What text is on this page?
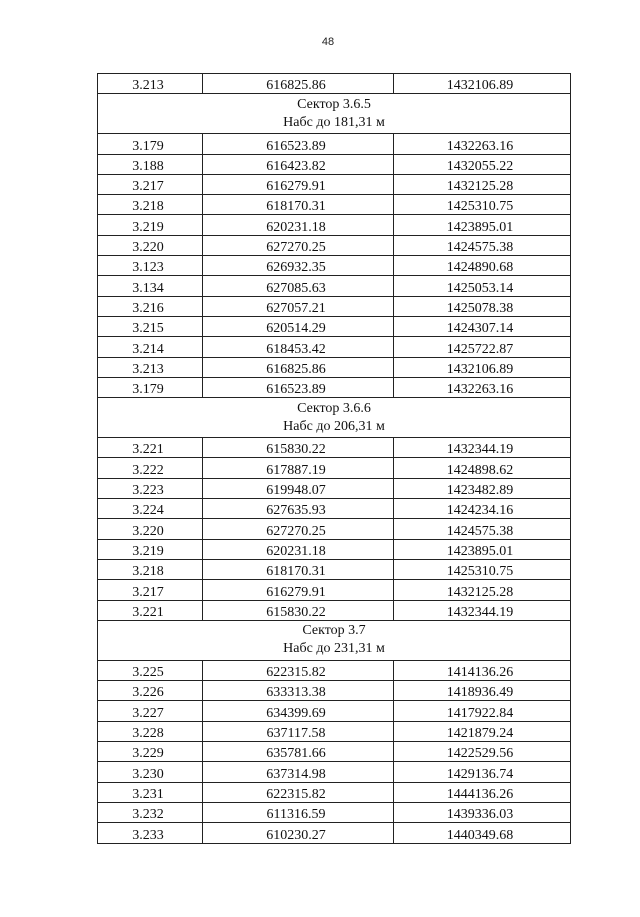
48
3.213	616825.86	1432106.89

Сектор 3.6.5
Набс до 181,31 м		

3.179	616523.89	1432263.16
3.188	616423.82	1432055.22
3.217	616279.91	1432125.28
3.218	618170.31	1425310.75
3.219	620231.18	1423895.01
3.220	627270.25	1424575.38
3.123	626932.35	1424890.68
3.134	627085.63	1425053.14
3.216	627057.21	1425078.38
3.215	620514.29	1424307.14
3.214	618453.42	1425722.87
3.213	616825.86	1432106.89
3.179	616523.89	1432263.16

Сектор 3.6.6
Набс до 206,31 м		

3.221	615830.22	1432344.19
3.222	617887.19	1424898.62
3.223	619948.07	1423482.89
3.224	627635.93	1424234.16
3.220	627270.25	1424575.38
3.219	620231.18	1423895.01
3.218	618170.31	1425310.75
3.217	616279.91	1432125.28
3.221	615830.22	1432344.19

Сектор 3.7
Набс до 231,31 м		

3.225	622315.82	1414136.26
3.226	633313.38	1418936.49
3.227	634399.69	1417922.84
3.228	637117.58	1421879.24
3.229	635781.66	1422529.56
3.230	637314.98	1429136.74
3.231	622315.82	1444136.26
3.232	611316.59	1439336.03
3.233	610230.27	1440349.68
